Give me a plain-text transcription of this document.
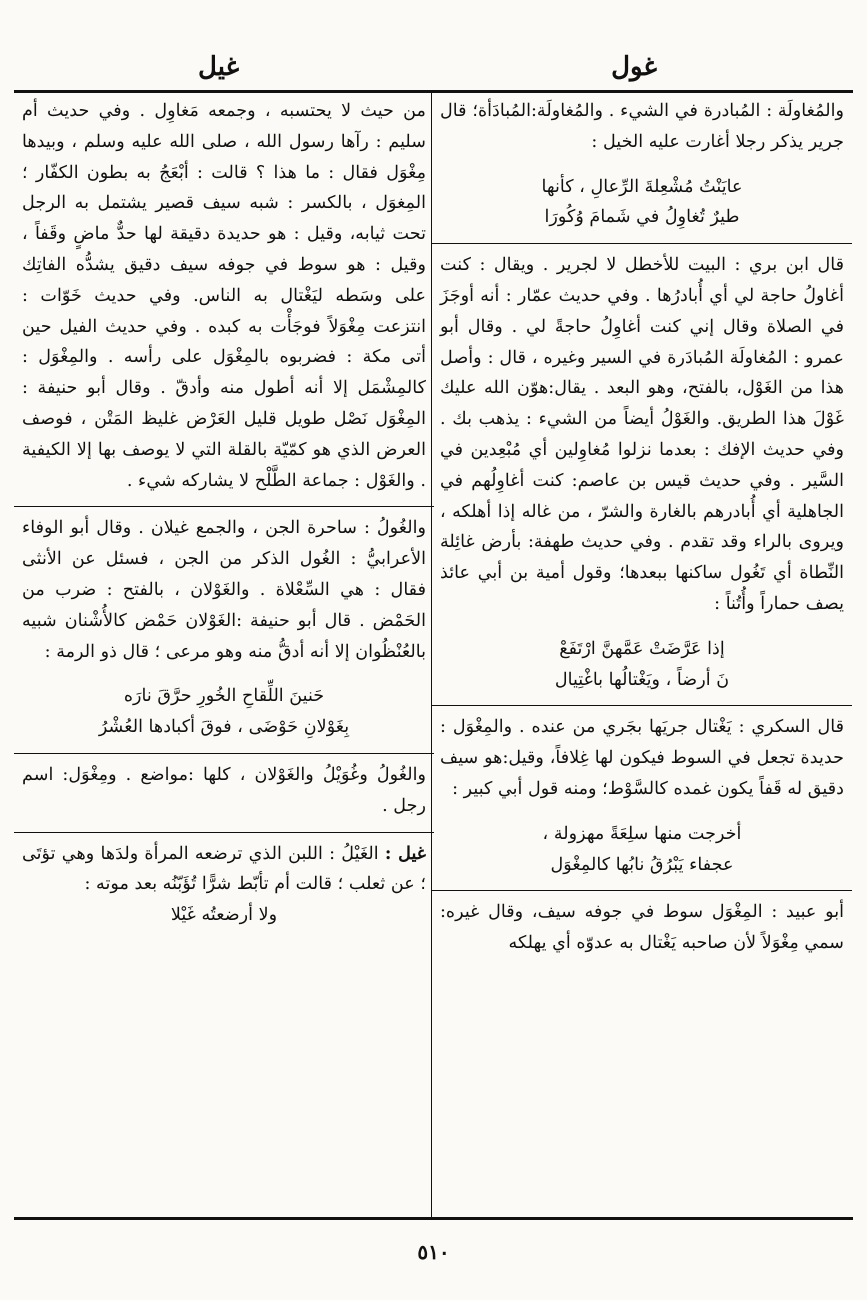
غول
غيل

والمُغاولَة : المُبادرة في الشيء . والمُغاولَة:المُبادَأة؛ قال جرير يذكر رجلا أغارت عليه الخيل :

عايَنْتُ مُشْعِلةَ الرِّعالِ ، كأنها
طيرٌ تُغاوِلُ في شَمامَ وُكُورَا

قال ابن بري : البيت للأخطل لا لجرير . ويقال : كنت أغاولُ حاجة لي أي أُبادرُها . وفي حديث عمّار : أنه أوجَزَ في الصلاة وقال إني كنت أغاوِلُ حاجةً لي . وقال أبو عمرو : المُغاولَة المُبادَرة في السير وغيره ، قال : وأصل هذا من الغَوْل، بالفتح، وهو البعد . يقال:هوّن الله عليك غَوْلَ هذا الطريق. والغَوْلُ أيضاً من الشيء : يذهب بك . وفي حديث الإفك : بعدما نزلوا مُغاوِلين أي مُبْعِدين في السَّير . وفي حديث قيس بن عاصم: كنت أغاوِلُهم في الجاهلية أي أُبادرهم بالغارة والشرّ ، من غاله إذا أهلكه ، ويروى بالراء وقد تقدم . وفي حديث طهفة: بأرض غائِلة النِّطاة أي تَغُول ساكنها ببعدها؛ وقول أمية بن أبي عائذ يصف حماراً وأُتُناً :

إذا عَرَّضَتْ عَمَّهنَّ ارْتَفَعْ
نَ أرضاً ، ويَغْتالُها باغْتِيال

قال السكري : يَغْتال جريَها بجَري من عنده . والمِغْوَل : حديدة تجعل في السوط فيكون لها غِلافاً، وقيل:هو سيف دقيق له قَفاً يكون غمده كالسَّوْط؛ ومنه قول أبي كبير :

أخرجت منها سلِعَةً مهزولة ،
عجفاء يَبْرُقُ نابُها كالمِغْوَل

أبو عبيد : المِغْوَل سوط في جوفه سيف، وقال غيره: سمي مِغْوَلاً لأن صاحبه يَغْتال به عدوّه أي يهلكه

من حيث لا يحتسبه ، وجمعه مَغاوِل . وفي حديث أم سليم : رآها رسول الله ، صلى الله عليه وسلم ، وبيدها مِغْوَل فقال : ما هذا ؟ قالت : أبْعَجُ به بطون الكفّار ؛ المِغوَل ، بالكسر : شبه سيف قصير يشتمل به الرجل تحت ثيابه، وقيل : هو حديدة دقيقة لها حدٌّ ماضٍ وقَفاً ، وقيل : هو سوط في جوفه سيف دقيق يشدُّه الفاتِك على وسَطه ليَغْتال به الناس. وفي حديث خَوّات : انتزعت مِغْوَلاً فوجَأْت به كبده . وفي حديث الفيل حين أتى مكة : فضربوه بالمِغْوَل على رأسه . والمِغْوَل : كالمِشْمَل إلا أنه أطول منه وأدقّ . وقال أبو حنيفة : المِغْوَل نَصْل طويل قليل العَرْض غليظ المَتْن ، فوصف العرض الذي هو كمّيّة بالقلة التي لا يوصف بها إلا الكيفية . والغَوْل : جماعة الطَّلْح لا يشاركه شيء .

والغُولُ : ساحرة الجن ، والجمع غيلان . وقال أبو الوفاء الأعرابيُّ : الغُول الذكر من الجن ، فسئل عن الأنثى فقال : هي السِّعْلاة . والغَوْلان ، بالفتح : ضرب من الحَمْض . قال أبو حنيفة :الغَوْلان حَمْض كالأُشْنان شبيه بالعُنْظُوان إلا أنه أدقُّ منه وهو مرعى ؛ قال ذو الرمة :

حَنينَ اللِّقاحِ الخُورِ حرَّقَ نارَه
بِغَوْلانِ حَوْضَى ، فوقَ أكبادها العُشْرُ

والغُولُ وغُوَيْلُ والغَوْلان ، كلها :مواضع . ومِغْوَل: اسم رجل .

غيل : الغَيْلُ : اللبن الذي ترضعه المرأة ولدَها وهي تؤتَى ؛ عن ثعلب ؛ قالت أم تأبّط شرًّا تُؤَبّنُه بعد موته :

ولا أرضعتُه غَيْلا
٥١٠
